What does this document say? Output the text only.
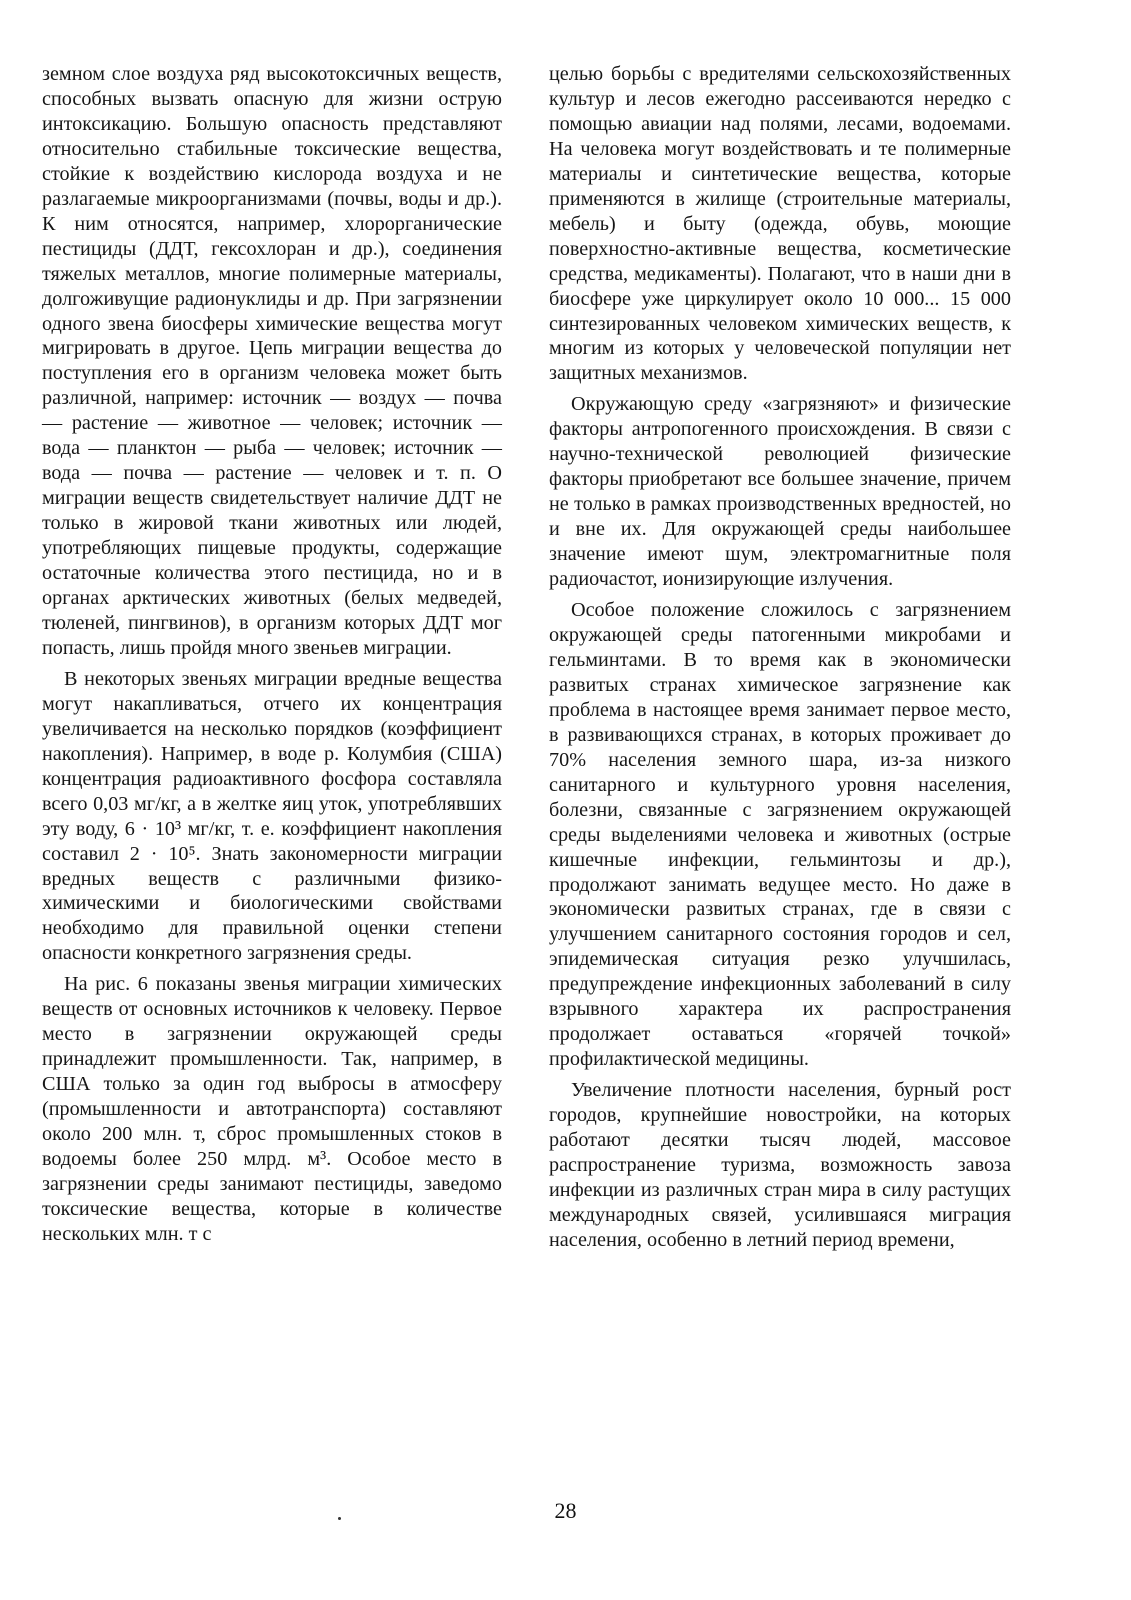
земном слое воздуха ряд высокотоксичных веществ, способных вызвать опасную для жизни острую интоксикацию. Большую опасность представляют относительно стабильные токсические вещества, стойкие к воздействию кислорода воздуха и не разлагаемые микроорганизмами (почвы, воды и др.). К ним относятся, например, хлорорганические пестициды (ДДТ, гексохлоран и др.), соединения тяжелых металлов, многие полимерные материалы, долгоживущие радионуклиды и др. При загрязнении одного звена биосферы химические вещества могут мигрировать в другое. Цепь миграции вещества до поступления его в организм человека может быть различной, например: источник — воздух — почва — растение — животное — человек; источник — вода — планктон — рыба — человек; источник — вода — почва — растение — человек и т. п. О миграции веществ свидетельствует наличие ДДТ не только в жировой ткани животных или людей, употребляющих пищевые продукты, содержащие остаточные количества этого пестицида, но и в органах арктических животных (белых медведей, тюленей, пингвинов), в организм которых ДДТ мог попасть, лишь пройдя много звеньев миграции.

В некоторых звеньях миграции вредные вещества могут накапливаться, отчего их концентрация увеличивается на несколько порядков (коэффициент накопления). Например, в воде р. Колумбия (США) концентрация радиоактивного фосфора составляла всего 0,03 мг/кг, а в желтке яиц уток, употреблявших эту воду, 6 · 10³ мг/кг, т. е. коэффициент накопления составил 2 · 10⁵. Знать закономерности миграции вредных веществ с различными физико-химическими и биологическими свойствами необходимо для правильной оценки степени опасности конкретного загрязнения среды.

На рис. 6 показаны звенья миграции химических веществ от основных источников к человеку. Первое место в загрязнении окружающей среды принадлежит промышленности. Так, например, в США только за один год выбросы в атмосферу (промышленности и автотранспорта) составляют около 200 млн. т, сброс промышленных стоков в водоемы более 250 млрд. м³. Особое место в загрязнении среды занимают пестициды, заведомо токсические вещества, которые в количестве нескольких млн. т с

целью борьбы с вредителями сельскохозяйственных культур и лесов ежегодно рассеиваются нередко с помощью авиации над полями, лесами, водоемами. На человека могут воздействовать и те полимерные материалы и синтетические вещества, которые применяются в жилище (строительные материалы, мебель) и быту (одежда, обувь, моющие поверхностно-активные вещества, косметические средства, медикаменты). Полагают, что в наши дни в биосфере уже циркулирует около 10 000... 15 000 синтезированных человеком химических веществ, к многим из которых у человеческой популяции нет защитных механизмов.

Окружающую среду «загрязняют» и физические факторы антропогенного происхождения. В связи с научно-технической революцией физические факторы приобретают все большее значение, причем не только в рамках производственных вредностей, но и вне их. Для окружающей среды наибольшее значение имеют шум, электромагнитные поля радиочастот, ионизирующие излучения.

Особое положение сложилось с загрязнением окружающей среды патогенными микробами и гельминтами. В то время как в экономически развитых странах химическое загрязнение как проблема в настоящее время занимает первое место, в развивающихся странах, в которых проживает до 70% населения земного шара, из-за низкого санитарного и культурного уровня населения, болезни, связанные с загрязнением окружающей среды выделениями человека и животных (острые кишечные инфекции, гельминтозы и др.), продолжают занимать ведущее место. Но даже в экономически развитых странах, где в связи с улучшением санитарного состояния городов и сел, эпидемическая ситуация резко улучшилась, предупреждение инфекционных заболеваний в силу взрывного характера их распространения продолжает оставаться «горячей точкой» профилактической медицины.

Увеличение плотности населения, бурный рост городов, крупнейшие новостройки, на которых работают десятки тысяч людей, массовое распространение туризма, возможность завоза инфекции из различных стран мира в силу растущих международных связей, усилившаяся миграция населения, особенно в летний период времени,

28
